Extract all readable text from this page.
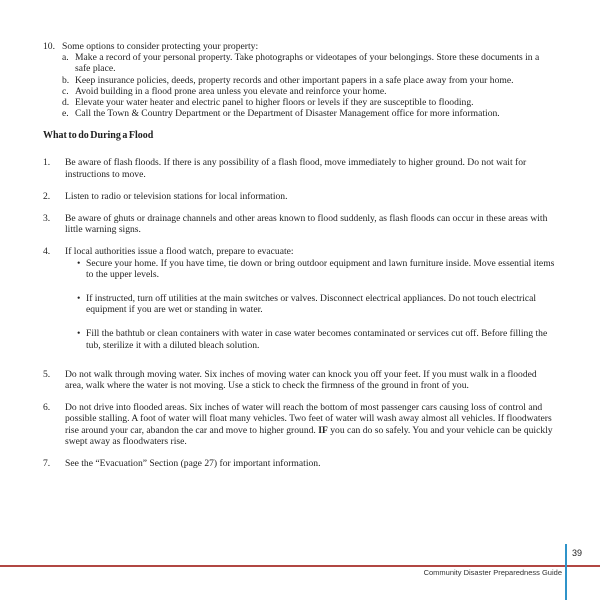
10. Some options to consider protecting your property:
a. Make a record of your personal property. Take photographs or videotapes of your belongings. Store these documents in a safe place.
b. Keep insurance policies, deeds, property records and other important papers in a safe place away from your home.
c. Avoid building in a flood prone area unless you elevate and reinforce your home.
d. Elevate your water heater and electric panel to higher floors or levels if they are susceptible to flooding.
e. Call the Town & Country Department or the Department of Disaster Management office for more information.
What to do During a Flood
1.	Be aware of flash floods. If there is any possibility of a flash flood, move immediately to higher ground. Do not wait for instructions to move.
2.	Listen to radio or television stations for local information.
3.	Be aware of ghuts or drainage channels and other areas known to flood suddenly, as flash floods can occur in these areas with little warning signs.
4.	If local authorities issue a flood watch, prepare to evacuate:
• Secure your home. If you have time, tie down or bring outdoor equipment and lawn furniture inside. Move essential items to the upper levels.
• If instructed, turn off utilities at the main switches or valves. Disconnect electrical appliances. Do not touch electrical equipment if you are wet or standing in water.
• Fill the bathtub or clean containers with water in case water becomes contaminated or services cut off. Before filling the tub, sterilize it with a diluted bleach solution.
5.	Do not walk through moving water. Six inches of moving water can knock you off your feet. If you must walk in a flooded area, walk where the water is not moving. Use a stick to check the firmness of the ground in front of you.
6.	Do not drive into flooded areas. Six inches of water will reach the bottom of most passenger cars causing loss of control and possible stalling. A foot of water will float many vehicles. Two feet of water will wash away almost all vehicles. If floodwaters rise around your car, abandon the car and move to higher ground. IF you can do so safely. You and your vehicle can be quickly swept away as floodwaters rise.
7.	See the “Evacuation” Section (page 27) for important information.
39
Community Disaster Preparedness Guide
